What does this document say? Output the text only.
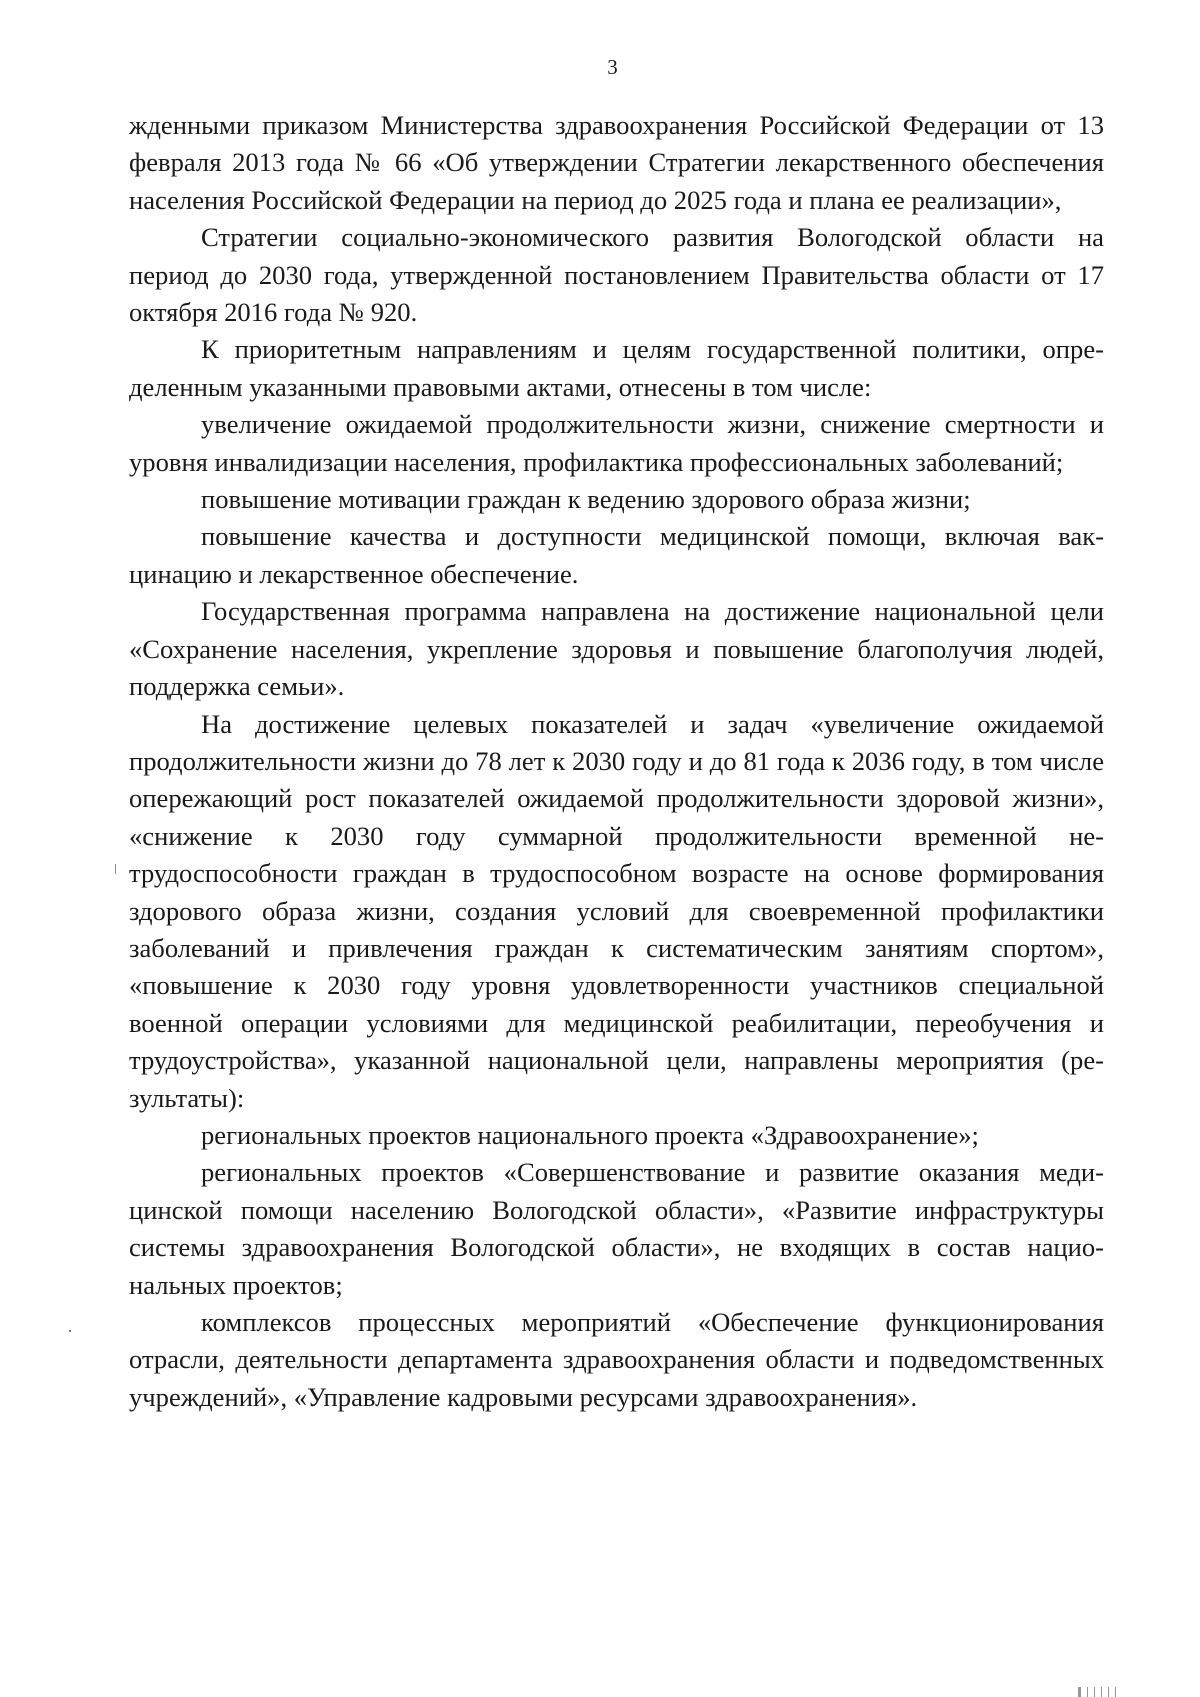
3

жденными приказом Министерства здравоохранения Российской Федерации от 13 февраля 2013 года № 66 «Об утверждении Стратегии лекарственного обеспечения населения Российской Федерации на период до 2025 года и плана ее реализации»,

Стратегии социально-экономического развития Вологодской области на период до 2030 года, утвержденной постановлением Правительства области от 17 октября 2016 года № 920.

К приоритетным направлениям и целям государственной политики, определенным указанными правовыми актами, отнесены в том числе:

увеличение ожидаемой продолжительности жизни, снижение смертности и уровня инвалидизации населения, профилактика профессиональных заболеваний;

повышение мотивации граждан к ведению здорового образа жизни;

повышение качества и доступности медицинской помощи, включая вакцинацию и лекарственное обеспечение.

Государственная программа направлена на достижение национальной цели «Сохранение населения, укрепление здоровья и повышение благополучия людей, поддержка семьи».

На достижение целевых показателей и задач «увеличение ожидаемой продолжительности жизни до 78 лет к 2030 году и до 81 года к 2036 году, в том числе опережающий рост показателей ожидаемой продолжительности здоровой жизни», «снижение к 2030 году суммарной продолжительности временной нетрудоспособности граждан в трудоспособном возрасте на основе формирования здорового образа жизни, создания условий для своевременной профилактики заболеваний и привлечения граждан к систематическим занятиям спортом», «повышение к 2030 году уровня удовлетворенности участников специальной военной операции условиями для медицинской реабилитации, переобучения и трудоустройства», указанной национальной цели, направлены мероприятия (результаты):

региональных проектов национального проекта «Здравоохранение»;

региональных проектов «Совершенствование и развитие оказания медицинской помощи населению Вологодской области», «Развитие инфраструктуры системы здравоохранения Вологодской области», не входящих в состав национальных проектов;

комплексов процессных мероприятий «Обеспечение функционирования отрасли, деятельности департамента здравоохранения области и подведомственных учреждений», «Управление кадровыми ресурсами здравоохранения».
